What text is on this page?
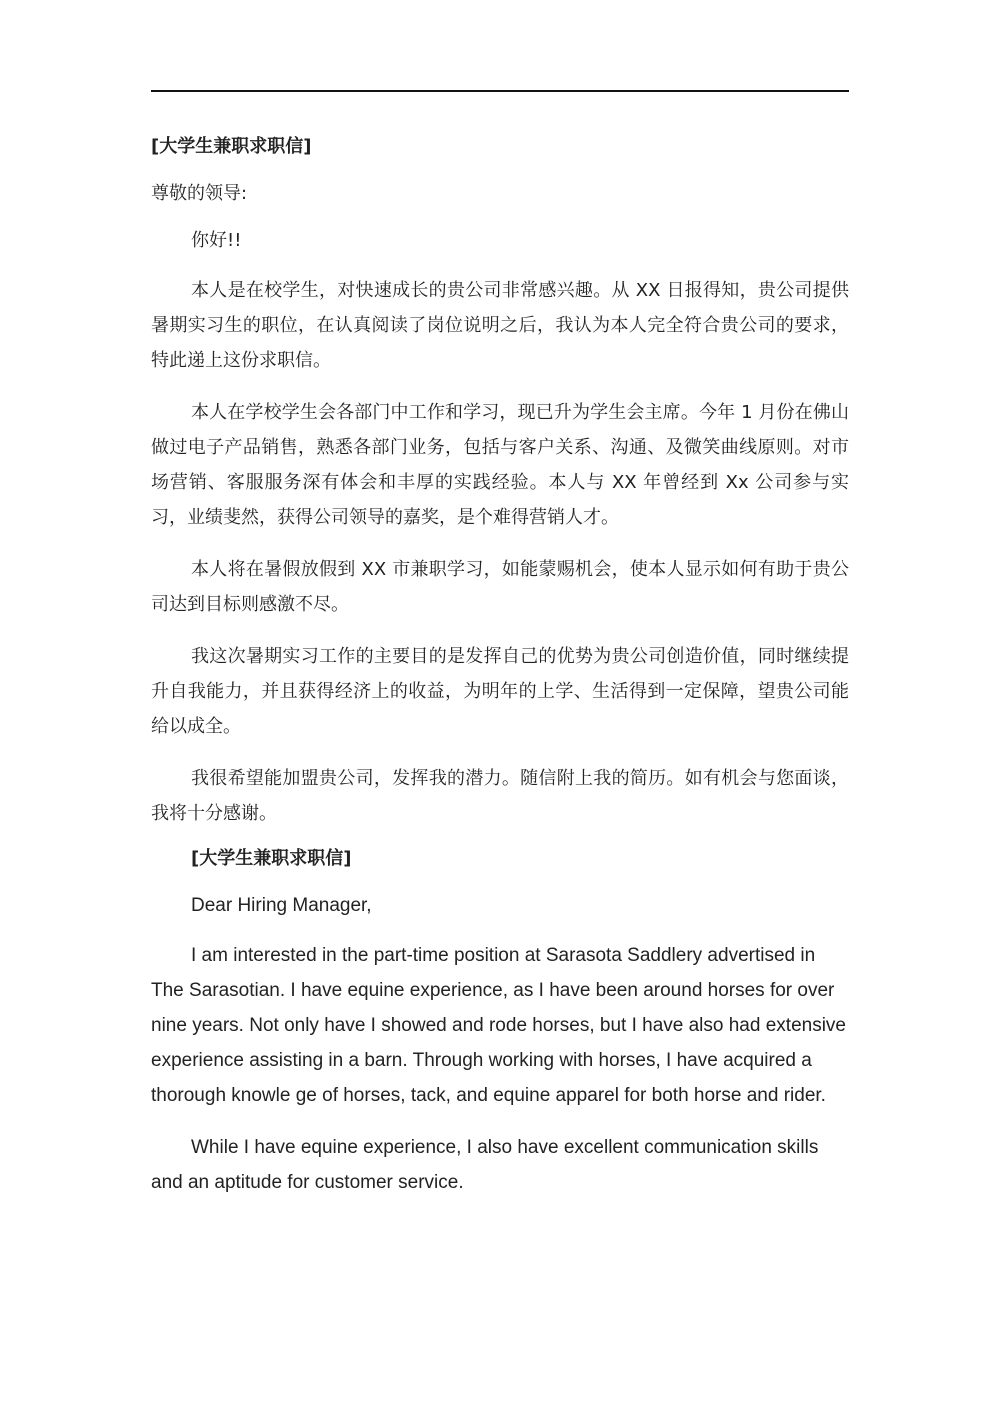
[大学生兼职求职信]
尊敬的领导:
你好!!

本人是在校学生，对快速成长的贵公司非常感兴趣。从 XX 日报得知，贵公司提供暑期实习生的职位，在认真阅读了岗位说明之后，我认为本人完全符合贵公司的要求，特此递上这份求职信。

本人在学校学生会各部门中工作和学习，现已升为学生会主席。今年 1 月份在佛山做过电子产品销售，熟悉各部门业务，包括与客户关系、沟通、及微笑曲线原则。对市场营销、客服服务深有体会和丰厚的实践经验。本人与 XX 年曾经到 Xx 公司参与实习，业绩斐然，获得公司领导的嘉奖，是个难得营销人才。

本人将在暑假放假到 XX 市兼职学习，如能蒙赐机会，使本人显示如何有助于贵公司达到目标则感激不尽。

我这次暑期实习工作的主要目的是发挥自己的优势为贵公司创造价值，同时继续提升自我能力，并且获得经济上的收益，为明年的上学、生活得到一定保障，望贵公司能给以成全。

我很希望能加盟贵公司，发挥我的潜力。随信附上我的简历。如有机会与您面谈，我将十分感谢。

[大学生兼职求职信]
Dear Hiring Manager,

I am interested in the part-time position at Sarasota Saddlery advertised in The Sarasotian. I have equine experience, as I have been around horses for over nine years. Not only have I showed and rode horses, but I have also had extensive experience assisting in a barn. Through working with horses, I have acquired a thorough knowle ge of horses, tack, and equine apparel for both horse and rider.

While I have equine experience, I also have excellent communication skills and an aptitude for customer service.
